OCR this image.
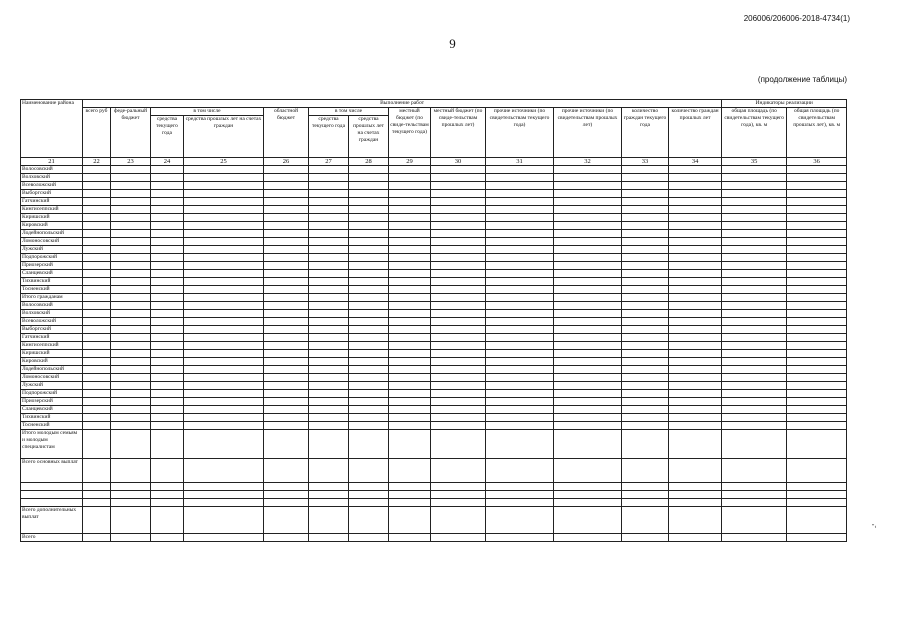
206006/206006-2018-4734(1)
9
(продолжение таблицы)
"‹
Наименование района	Выполнение работ													Индикаторы реализации	
	всего руб	феде-ральный бюджет	в том числе		областной бюджет	в том числе		местный бюджет (по свиде-тельствам текущего года)	местный бюджет (по свиде-тельствам прошлых лет)	прочие источники (по свидетельствам текущего года)	прочие источники (по свидетельствам прошлых лет)	количество граждан текущего года	количество граждан прошлых лет	общая площадь (по свидетельствам текущего года), кв. м	общая площадь (по свидетельствам прошлых лет), кв. м
			средства текущего года	средства прошлых лет на счетах граждан		средства текущего года	средства прошлых лет на счетах граждан								
21	22	23	24	25	26	27	28	29	30	31	32	33	34	35	36
Волосовский															
Волховский															
Всеволожский															
Выборгский															
Гатчинский															
Кингисеппский															
Киришский															
Кировский															
Лодейнопольский															
Ломоносовский															
Лужский															
Подпорожский															
Приозерский															
Сланцевский															
Тихвинский															
Тосненский															
Итого гражданам															
Волосовский															
Волховский															
Всеволожский															
Выборгский															
Гатчинский															
Кингисеппский															
Киришский															
Кировский															
Лодейнопольский															
Ломоносовский															
Лужский															
Подпорожский															
Приозерский															
Сланцевский															
Тихвинский															
Тосненский															
Итого молодым семьям и молодым специалистам															
Всего основных выплат															

Всего дополнительных выплат															
Всего															
